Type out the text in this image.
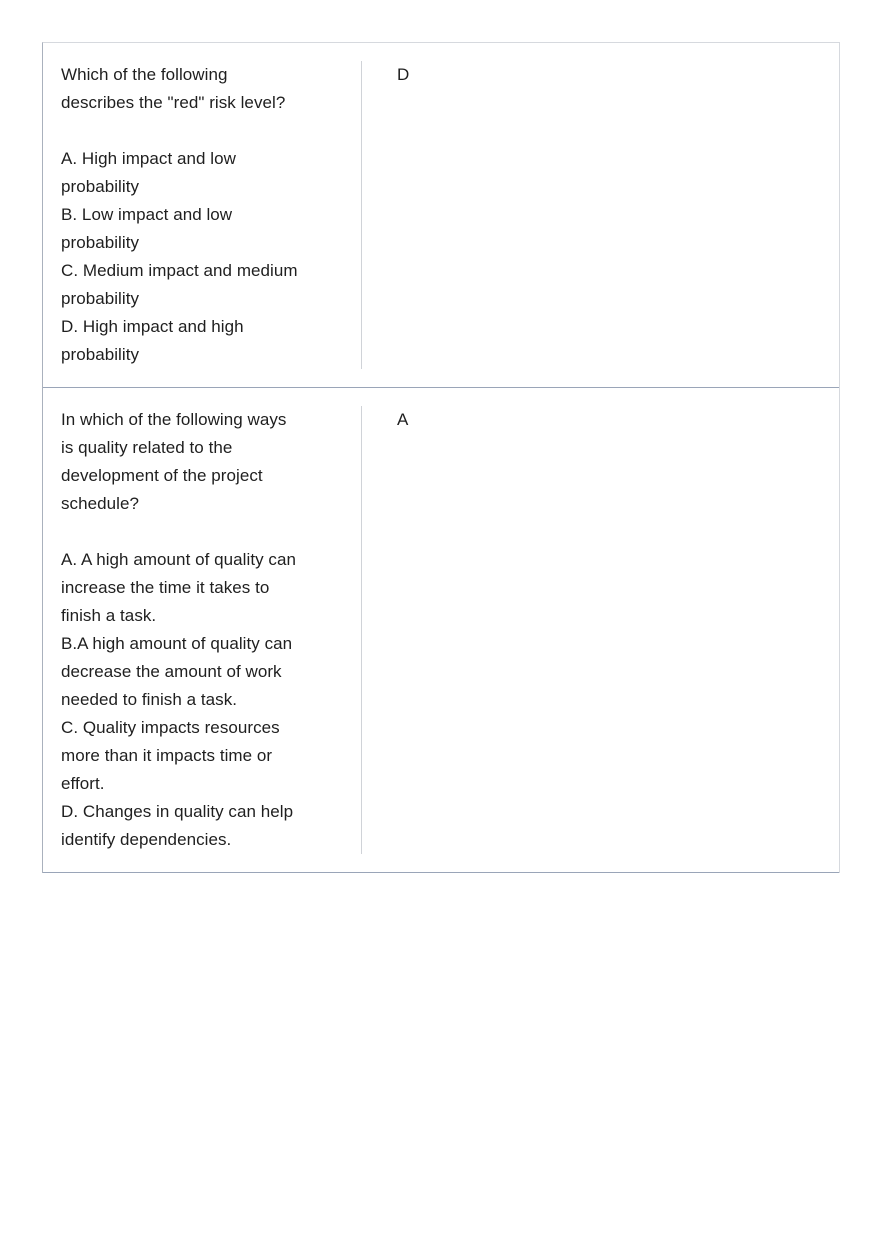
Which of the following
describes the "red" risk level?
A. High impact and low
probability
B. Low impact and low
probability
C. Medium impact and medium
probability
D. High impact and high
probability
D
In which of the following ways
is quality related to the
development of the project
schedule?
A. A high amount of quality can
increase the time it takes to
finish a task.
B.A high amount of quality can
decrease the amount of work
needed to finish a task.
C. Quality impacts resources
more than it impacts time or
effort.
D. Changes in quality can help
identify dependencies.
A
